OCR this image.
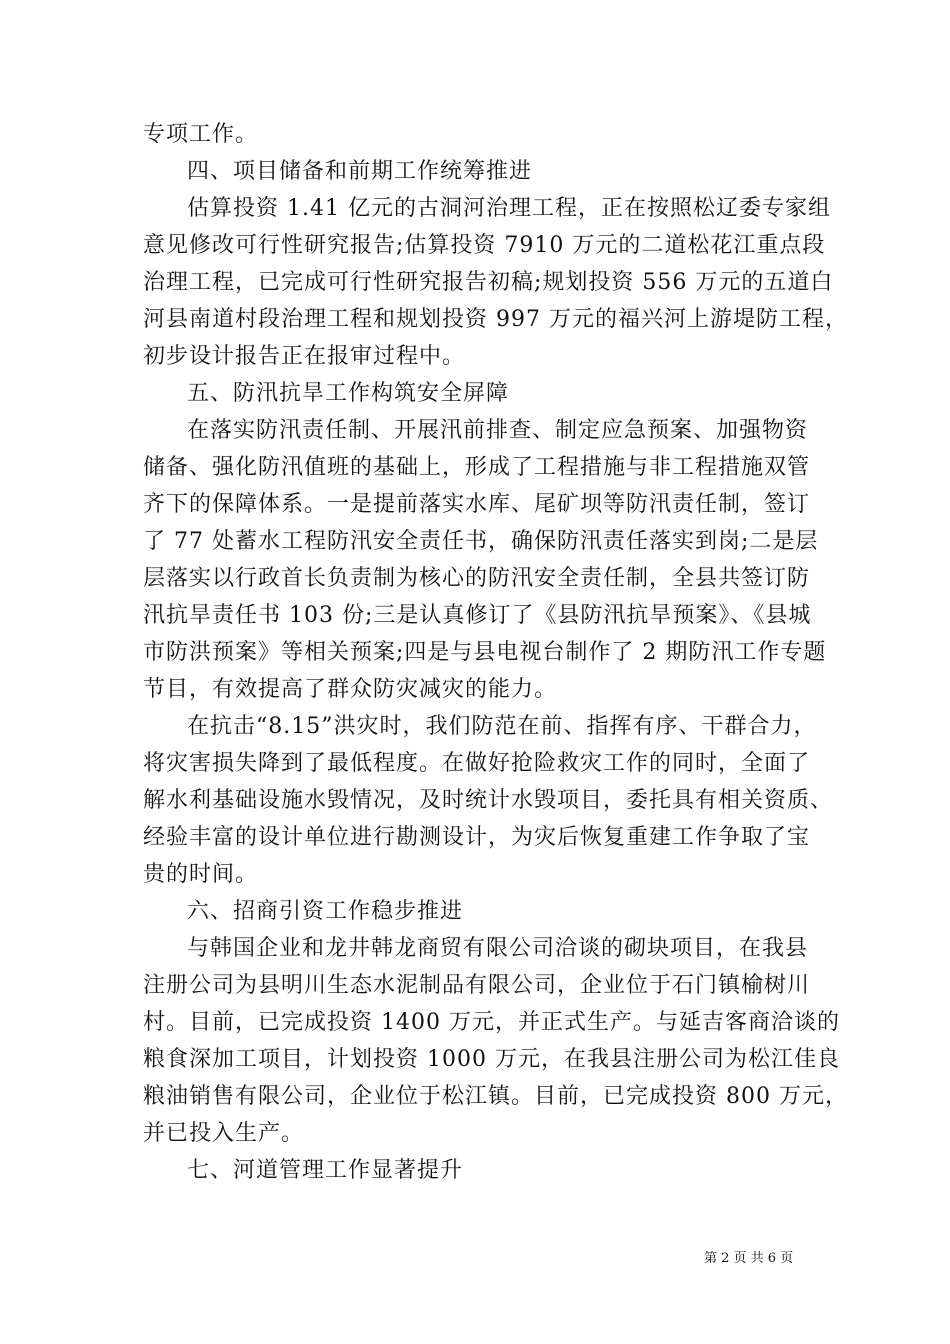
专项工作。
四、项目储备和前期工作统筹推进
估算投资 1.41 亿元的古洞河治理工程，正在按照松辽委专家组
意见修改可行性研究报告;估算投资 7910 万元的二道松花江重点段
治理工程，已完成可行性研究报告初稿;规划投资 556 万元的五道白
河县南道村段治理工程和规划投资 997 万元的福兴河上游堤防工程，
初步设计报告正在报审过程中。
五、防汛抗旱工作构筑安全屏障
在落实防汛责任制、开展汛前排查、制定应急预案、加强物资
储备、强化防汛值班的基础上，形成了工程措施与非工程措施双管
齐下的保障体系。一是提前落实水库、尾矿坝等防汛责任制，签订
了 77 处蓄水工程防汛安全责任书，确保防汛责任落实到岗;二是层
层落实以行政首长负责制为核心的防汛安全责任制，全县共签订防
汛抗旱责任书 103 份;三是认真修订了《县防汛抗旱预案》、《县城
市防洪预案》等相关预案;四是与县电视台制作了 2 期防汛工作专题
节目，有效提高了群众防灾减灾的能力。
在抗击“8.15”洪灾时，我们防范在前、指挥有序、干群合力，
将灾害损失降到了最低程度。在做好抢险救灾工作的同时，全面了
解水利基础设施水毁情况，及时统计水毁项目，委托具有相关资质、
经验丰富的设计单位进行勘测设计，为灾后恢复重建工作争取了宝
贵的时间。
六、招商引资工作稳步推进
与韩国企业和龙井韩龙商贸有限公司洽谈的砌块项目，在我县
注册公司为县明川生态水泥制品有限公司，企业位于石门镇榆树川
村。目前，已完成投资 1400 万元，并正式生产。与延吉客商洽谈的
粮食深加工项目，计划投资 1000 万元，在我县注册公司为松江佳良
粮油销售有限公司，企业位于松江镇。目前，已完成投资 800 万元，
并已投入生产。
七、河道管理工作显著提升
第 2 页 共 6 页
